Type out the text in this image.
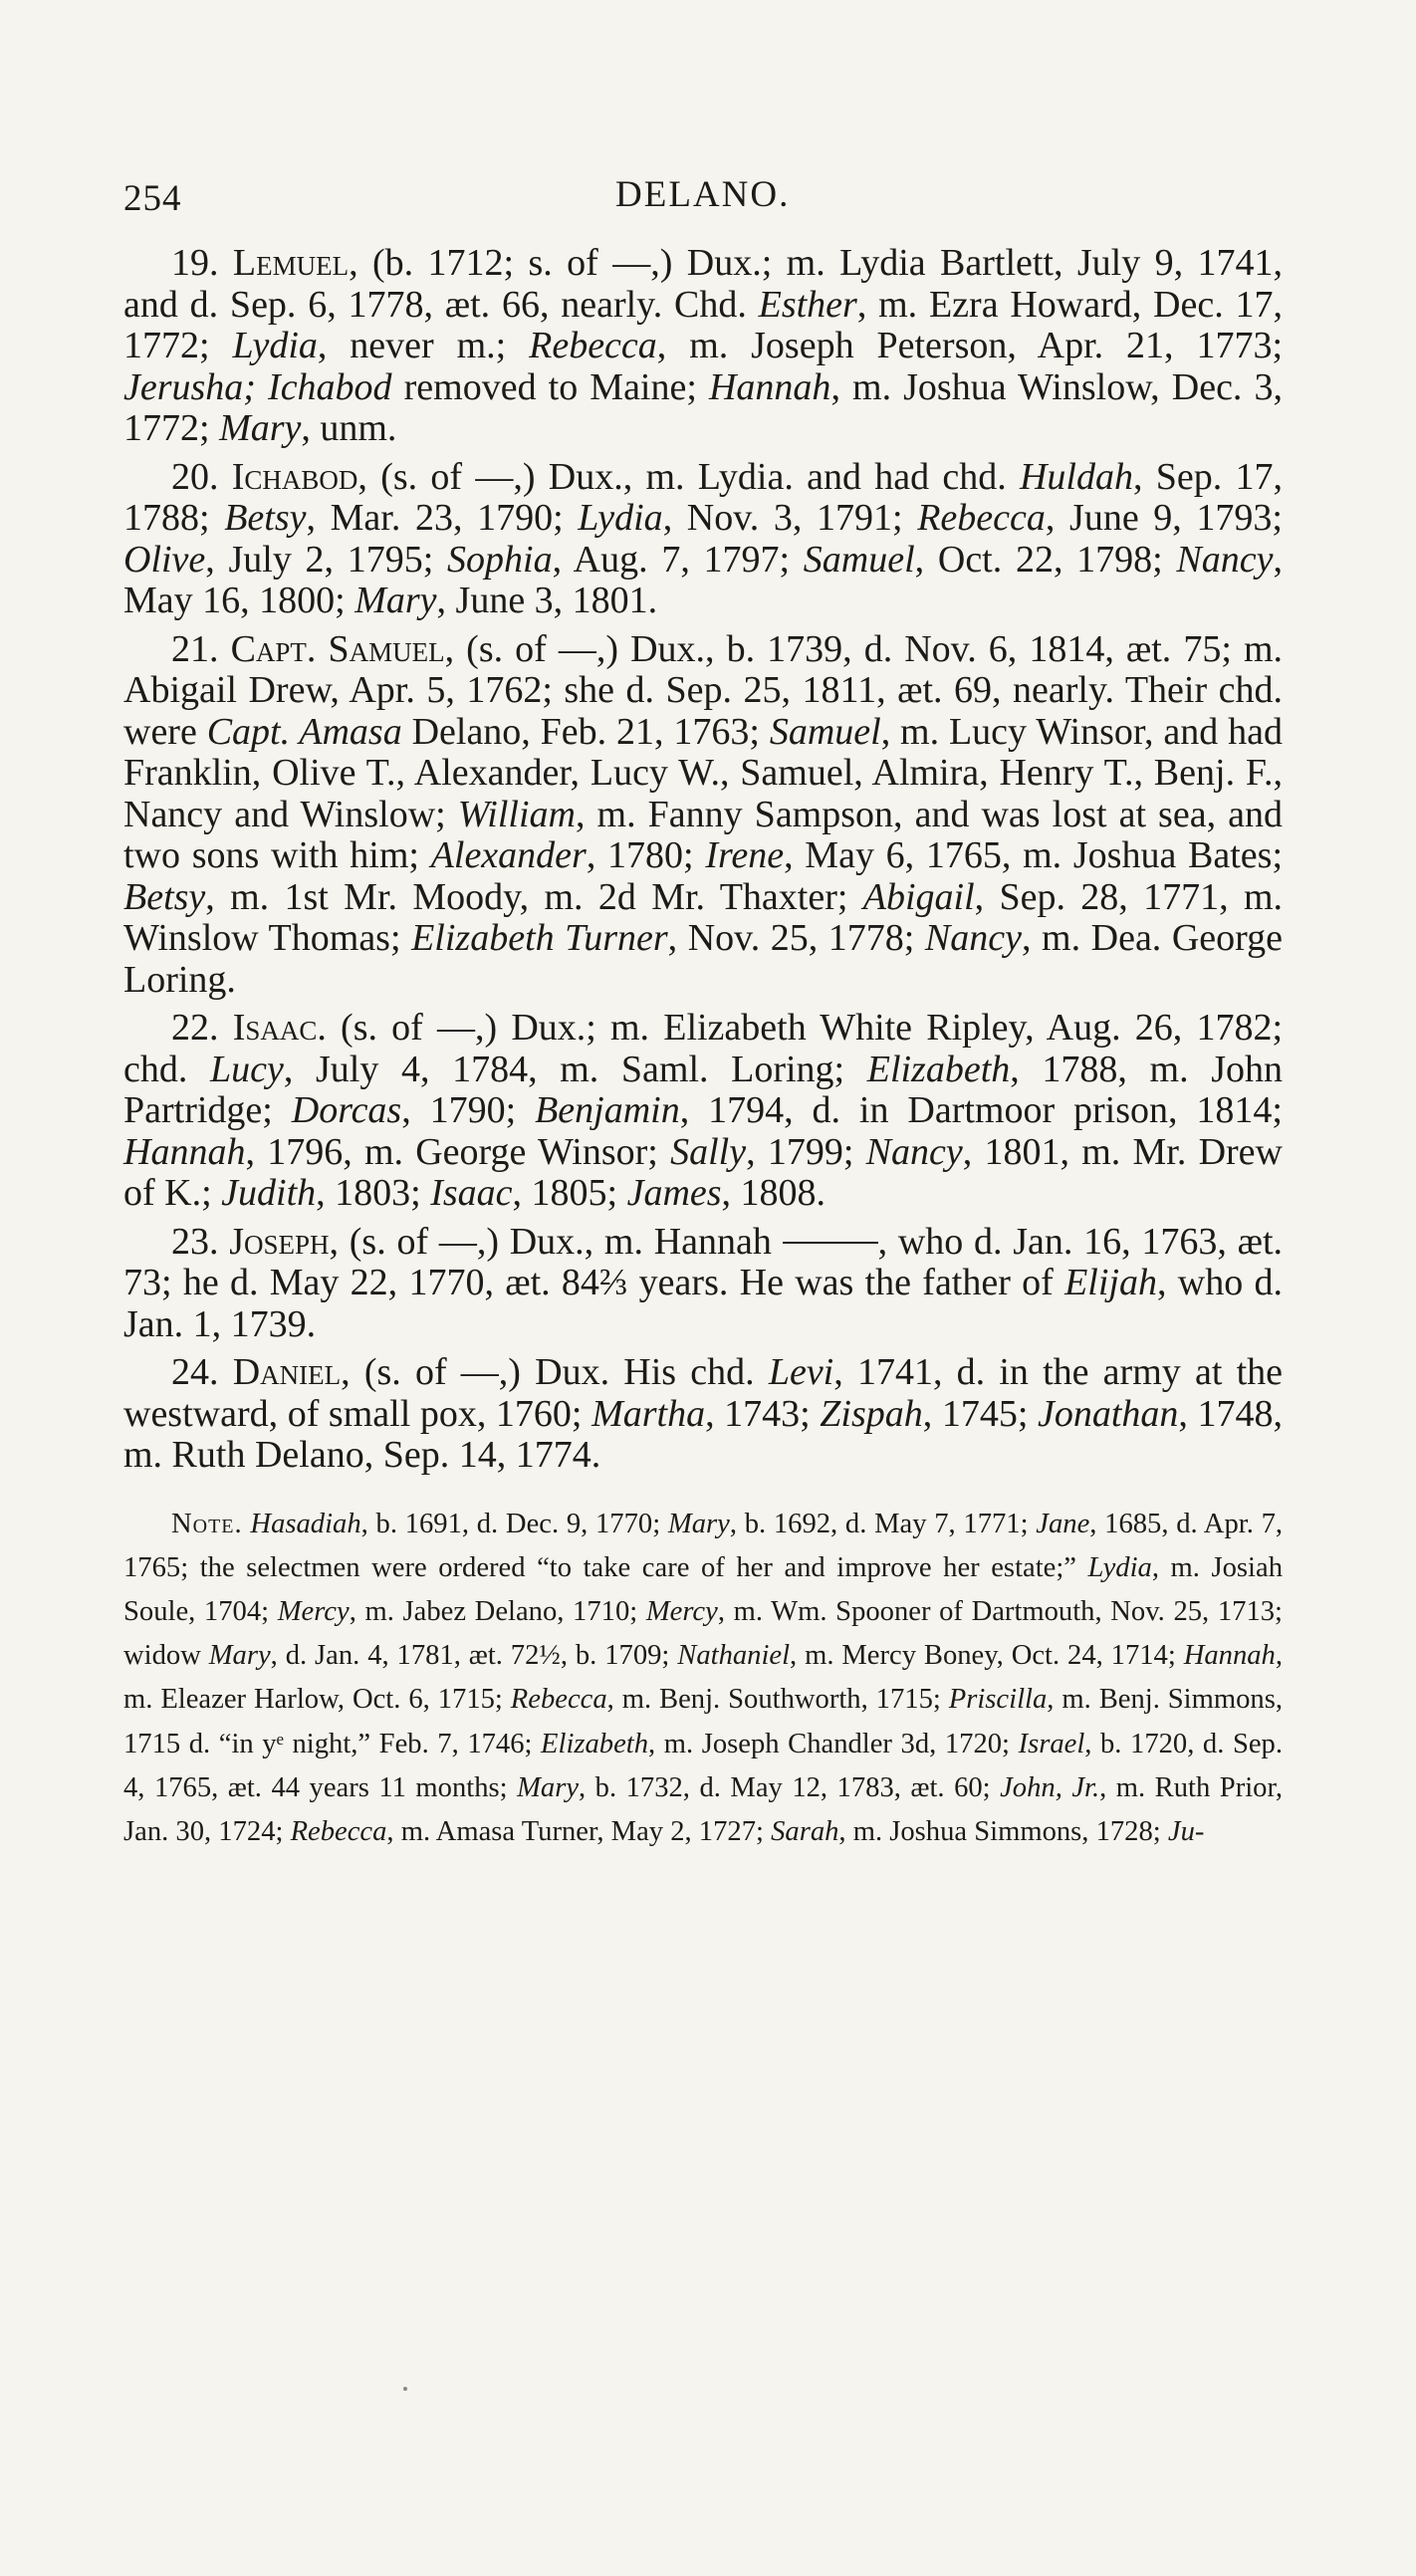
254	DELANO.

19. Lemuel, (b. 1712; s. of —,) Dux.; m. Lydia Bartlett, July 9, 1741, and d. Sep. 6, 1778, æt. 66, nearly. Chd. Esther, m. Ezra Howard, Dec. 17, 1772; Lydia, never m.; Rebecca, m. Joseph Peterson, Apr. 21, 1773; Jerusha; Ichabod removed to Maine; Hannah, m. Joshua Winslow, Dec. 3, 1772; Mary, unm.

20. Ichabod, (s. of —,) Dux., m. Lydia. and had chd. Huldah, Sep. 17, 1788; Betsy, Mar. 23, 1790; Lydia, Nov. 3, 1791; Rebecca, June 9, 1793; Olive, July 2, 1795; Sophia, Aug. 7, 1797; Samuel, Oct. 22, 1798; Nancy, May 16, 1800; Mary, June 3, 1801.

21. Capt. Samuel, (s. of —,) Dux., b. 1739, d. Nov. 6, 1814, æt. 75; m. Abigail Drew, Apr. 5, 1762; she d. Sep. 25, 1811, æt. 69, nearly. Their chd. were Capt. Amasa Delano, Feb. 21, 1763; Samuel, m. Lucy Winsor, and had Franklin, Olive T., Alexander, Lucy W., Samuel, Almira, Henry T., Benj. F., Nancy and Winslow; William, m. Fanny Sampson, and was lost at sea, and two sons with him; Alexander, 1780; Irene, May 6, 1765, m. Joshua Bates; Betsy, m. 1st Mr. Moody, m. 2d Mr. Thaxter; Abigail, Sep. 28, 1771, m. Winslow Thomas; Elizabeth Turner, Nov. 25, 1778; Nancy, m. Dea. George Loring.

22. Isaac. (s. of —,) Dux.; m. Elizabeth White Ripley, Aug. 26, 1782; chd. Lucy, July 4, 1784, m. Saml. Loring; Elizabeth, 1788, m. John Partridge; Dorcas, 1790; Benjamin, 1794, d. in Dartmoor prison, 1814; Hannah, 1796, m. George Winsor; Sally, 1799; Nancy, 1801, m. Mr. Drew of K.; Judith, 1803; Isaac, 1805; James, 1808.

23. Joseph, (s. of —,) Dux., m. Hannah	, who d. Jan. 16, 1763, æt. 73; he d. May 22, 1770, æt. 84⅔ years. He was the father of Elijah, who d. Jan. 1, 1739.

24. Daniel, (s. of —,) Dux. His chd. Levi, 1741, d. in the army at the westward, of small pox, 1760; Martha, 1743; Zispah, 1745; Jonathan, 1748, m. Ruth Delano, Sep. 14, 1774.

Note. Hasadiah, b. 1691, d. Dec. 9, 1770; Mary, b. 1692, d. May 7, 1771; Jane, 1685, d. Apr. 7, 1765; the selectmen were ordered “to take care of her and improve her estate;” Lydia, m. Josiah Soule, 1704; Mercy, m. Jabez Delano, 1710; Mercy, m. Wm. Spooner of Dartmouth, Nov. 25, 1713; widow Mary, d. Jan. 4, 1781, æt. 72½, b. 1709; Nathaniel, m. Mercy Boney, Oct. 24, 1714; Hannah, m. Eleazer Harlow, Oct. 6, 1715; Rebecca, m. Benj. Southworth, 1715; Priscilla, m. Benj. Simmons, 1715 d. “in yᵉ night,” Feb. 7, 1746; Elizabeth, m. Joseph Chandler 3d, 1720; Israel, b. 1720, d. Sep. 4, 1765, æt. 44 years 11 months; Mary, b. 1732, d. May 12, 1783, æt. 60; John, Jr., m. Ruth Prior, Jan. 30, 1724; Rebecca, m. Amasa Turner, May 2, 1727; Sarah, m. Joshua Simmons, 1728; Ju-
